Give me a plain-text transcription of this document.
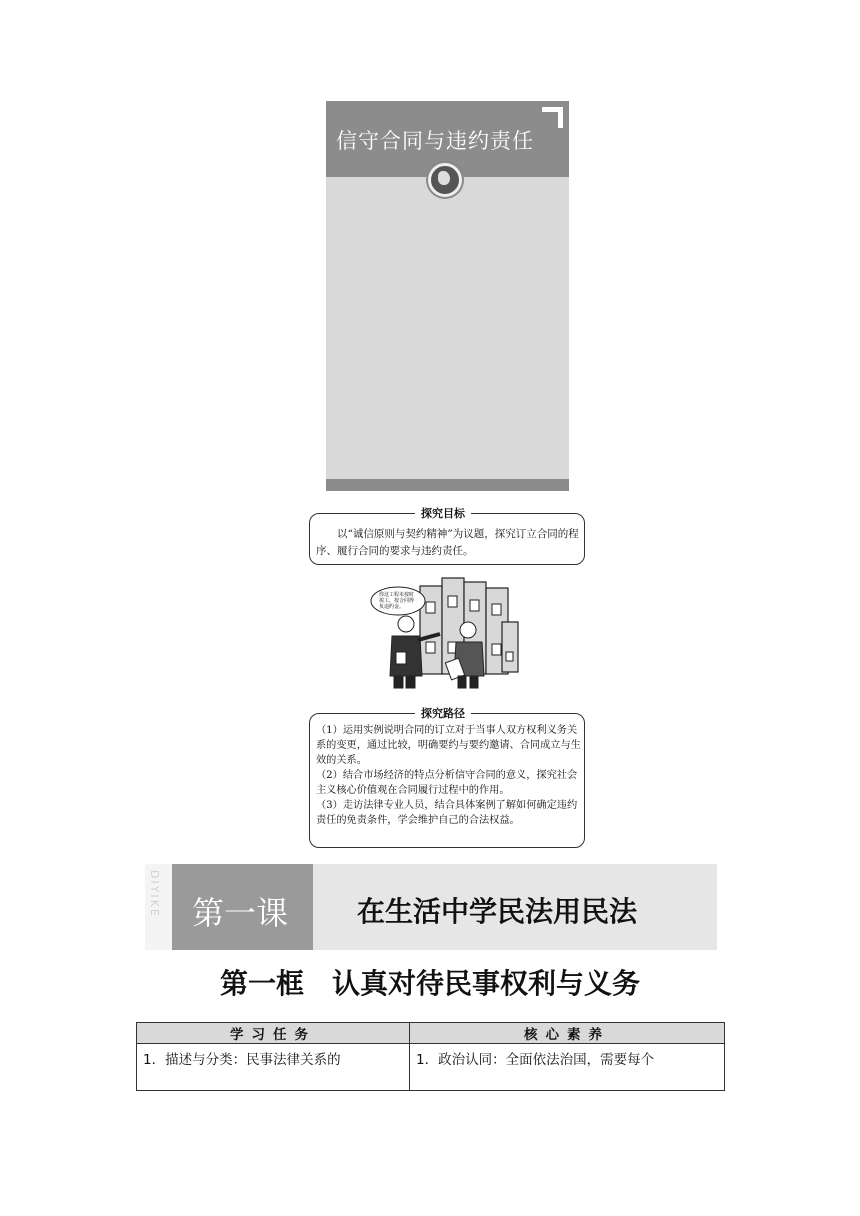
信守合同与违约责任
探究目标
以“诚信原则与契约精神”为议题，探究订立合同的程序、履行合同的要求与违约责任。
你这工程未按时
竣工，按合同得
负违约金。
探究路径
（1）运用实例说明合同的订立对于当事人双方权利义务关系的变更，通过比较，明确要约与要约邀请、合同成立与生效的关系。
（2）结合市场经济的特点分析信守合同的意义，探究社会主义核心价值观在合同履行过程中的作用。
（3）走访法律专业人员，结合具体案例了解如何确定违约责任的免责条件，学会维护自己的合法权益。
DIYIKE 第一课 在生活中学民法用民法
第一框　认真对待民事权利与义务
学习任务	核心素养
1．描述与分类：民事法律关系的	1．政治认同：全面依法治国，需要每个
